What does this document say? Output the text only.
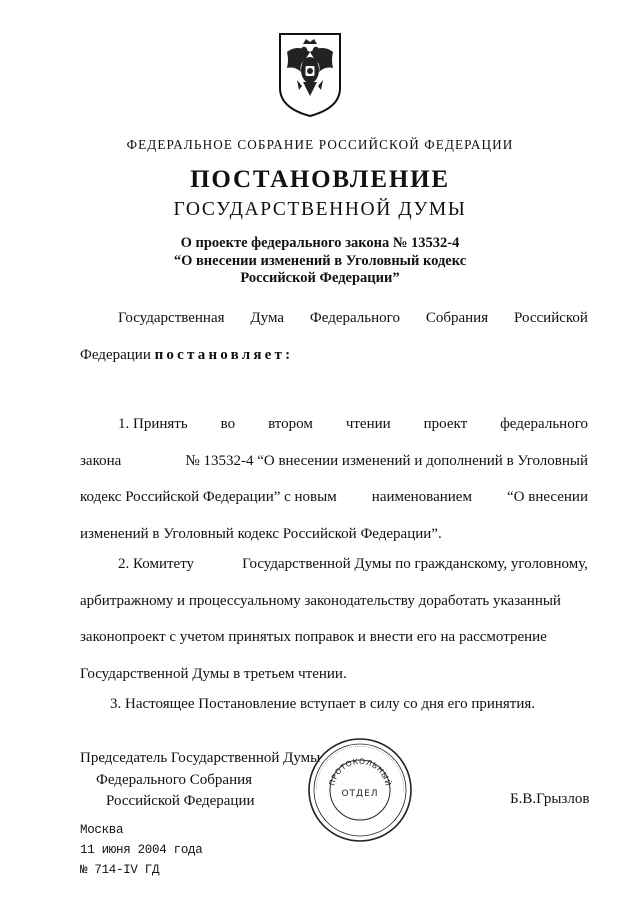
ФЕДЕРАЛЬНОЕ СОБРАНИЕ РОССИЙСКОЙ ФЕДЕРАЦИИ
ПОСТАНОВЛЕНИЕ
ГОСУДАРСТВЕННОЙ ДУМЫ
О проекте федерального закона № 13532-4
“О внесении изменений в Уголовный кодекс
Российской Федерации”
Государственная Дума Федерального Собрания Российской
Федерации
постановляет:
1. Принять во втором чтении проект федерального
закона	№ 13532-4 “О внесении изменений и дополнений в Уголовный
кодекс Российской Федерации” с новым наименованием “О внесении
изменений в Уголовный кодекс Российской Федерации”.
2. Комитету	Государственной Думы по гражданскому, уголовному,
арбитражному и процессуальному законодательству доработать указанный
законопроект с учетом принятых поправок и внести его на рассмотрение
Государственной Думы в третьем чтении.
3. Настоящее Постановление вступает в силу со дня его принятия.
Председатель Государственной Думы
Федерального Собрания
Российской Федерации
ПРОТОКОЛЬНЫЙ
·······································································
ОТДЕЛ	Б.В.Грызлов
Москва
11 июня 2004 года
№ 714-IV ГД
